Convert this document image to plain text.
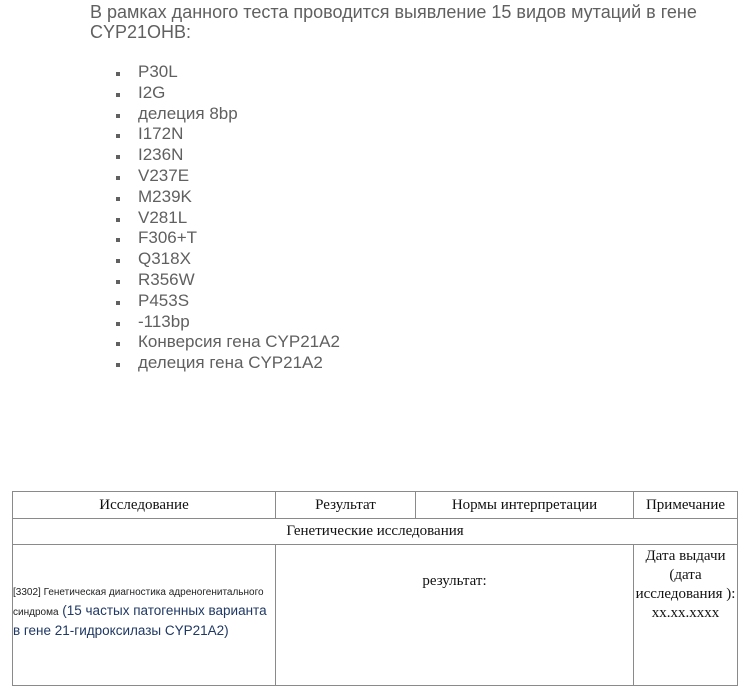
В рамках данного теста проводится выявление 15 видов мутаций в гене CYP21OHB:

P30L
I2G
делеция 8bp
I172N
I236N
V237E
M239K
V281L
F306+T
Q318X
R356W
P453S
-113bp
Конверсия гена CYP21A2
делеция гена CYP21A2
Исследование	Результат	Нормы интерпретации	Примечание
Генетические исследования			
[3302] Генетическая диагностика адреногенитального синдрома (15 частых патогенных варианта в гене 21-гидроксилазы CYP21A2)	результат:		Дата выдачи (дата исследования ): хх.хх.хххх
